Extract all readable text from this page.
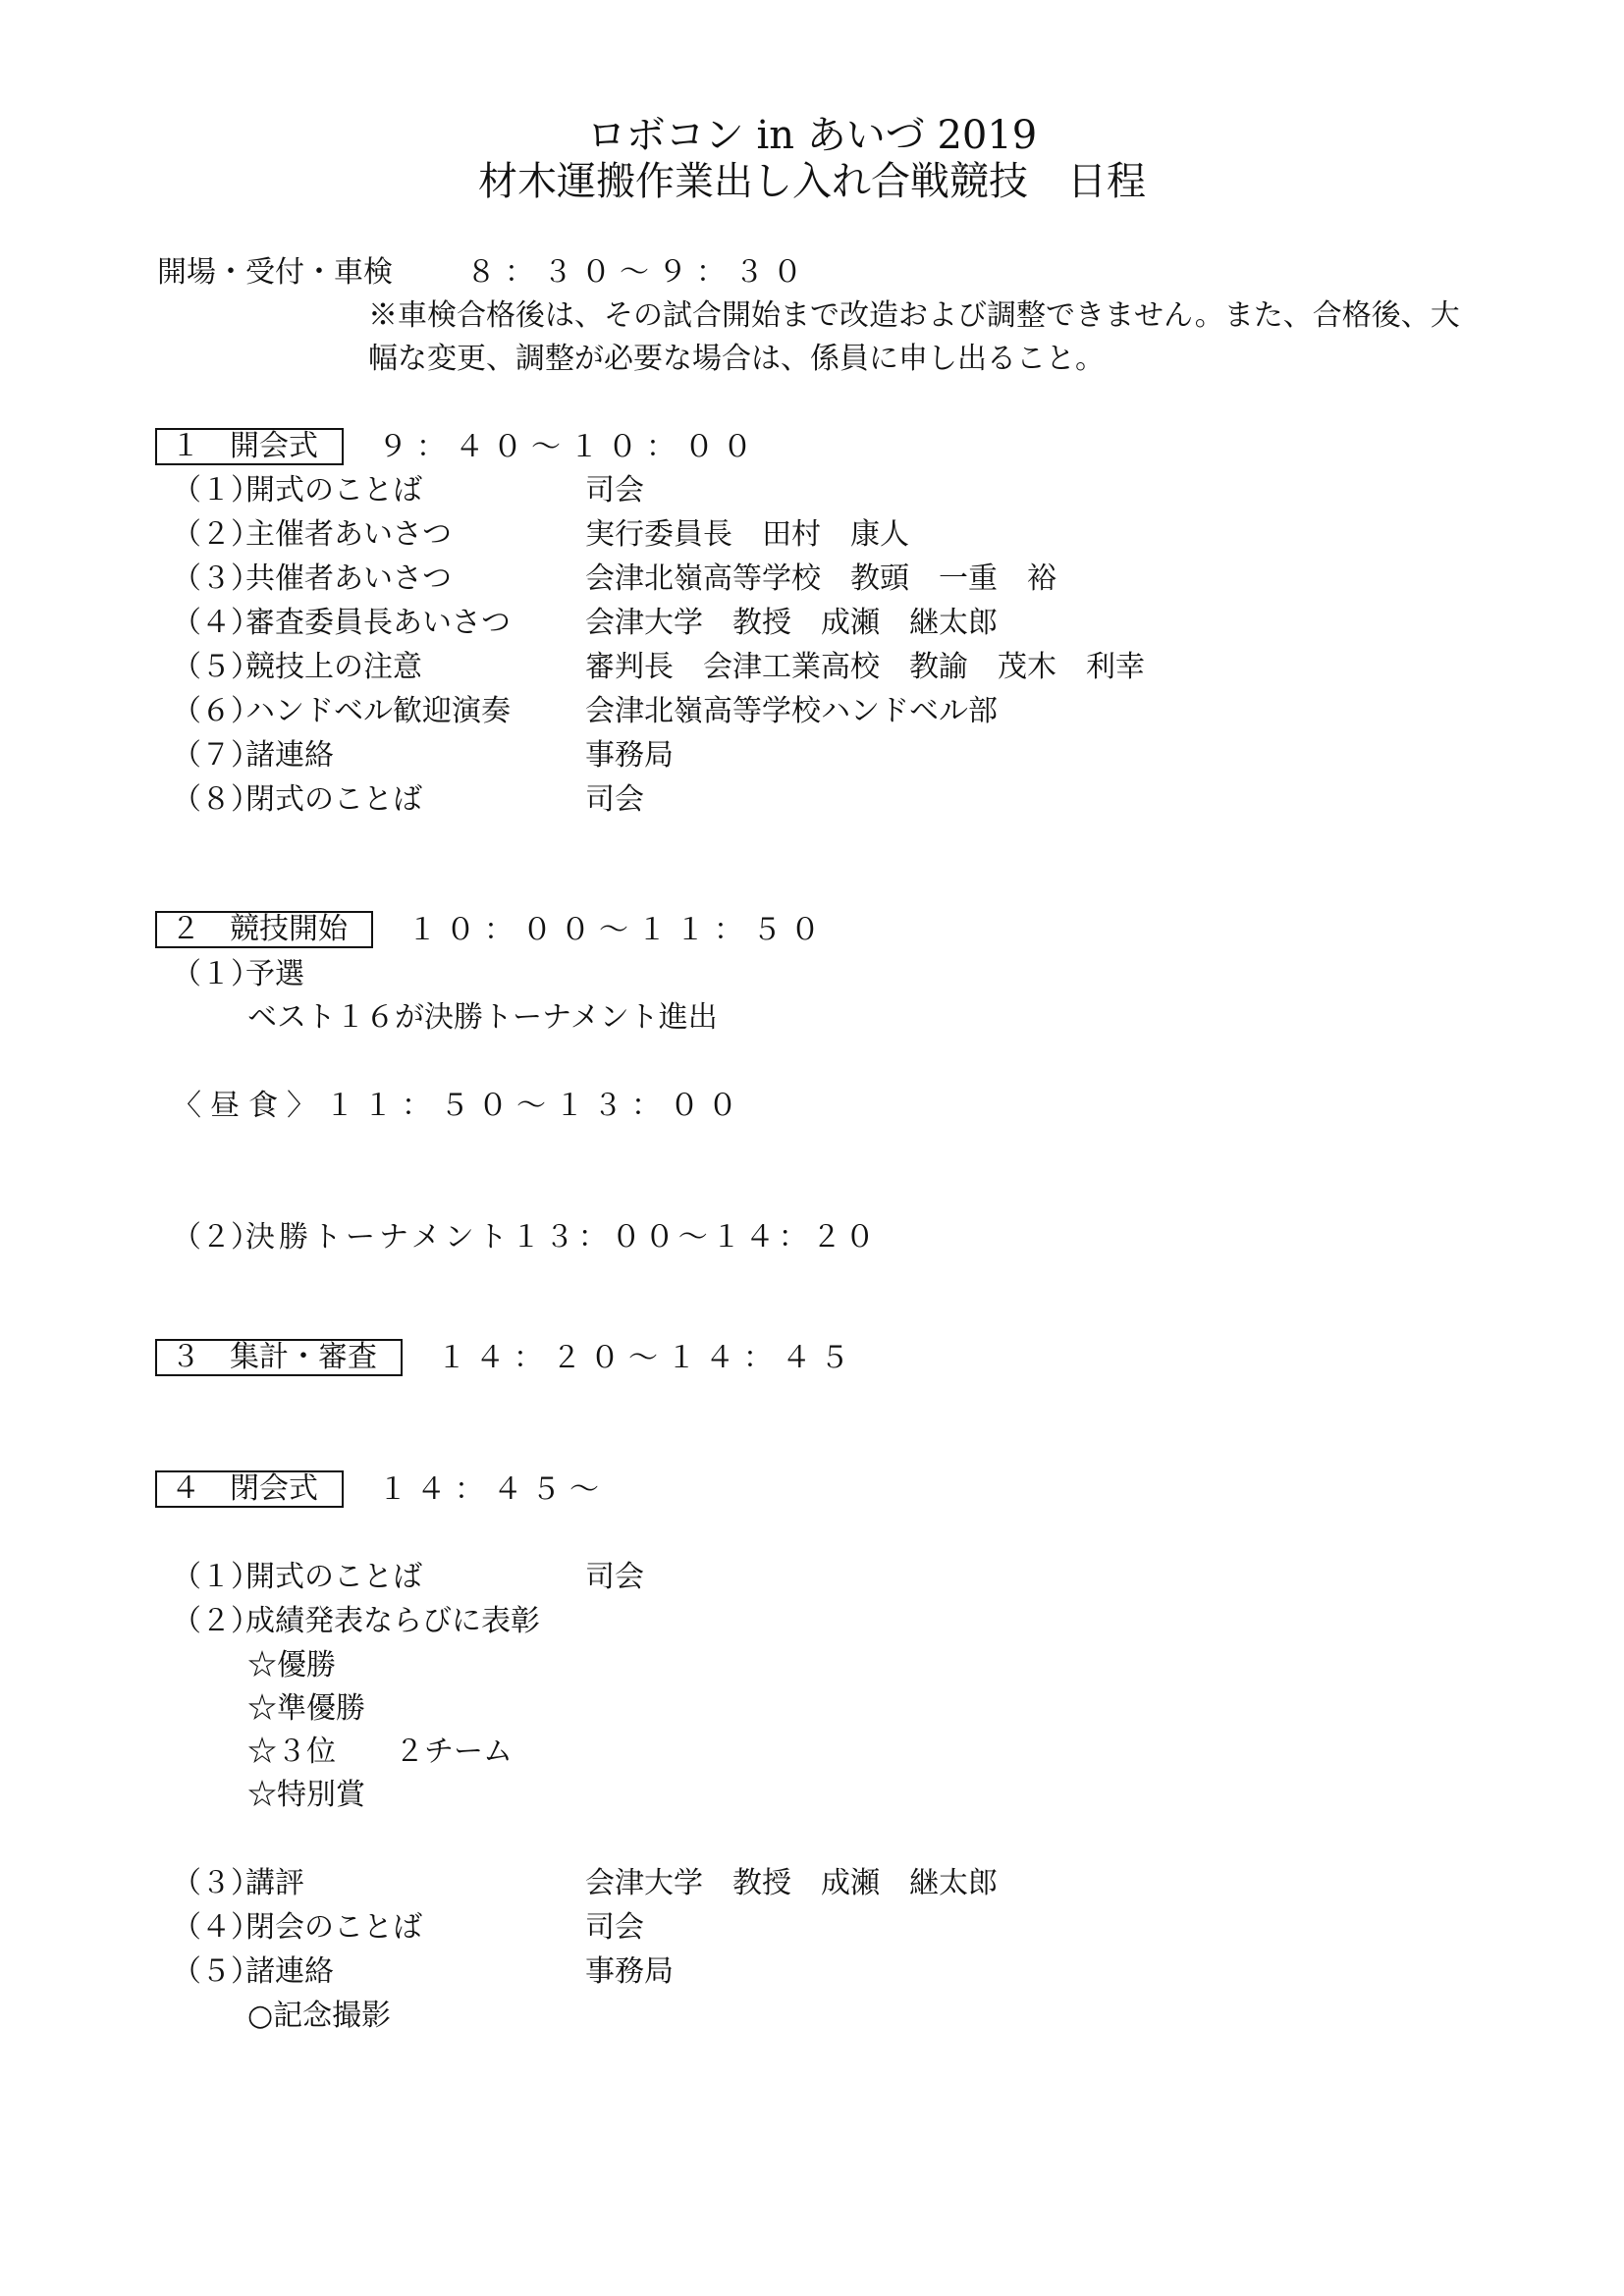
ロボコン in あいづ 2019
材木運搬作業出し入れ合戦競技　日程
開場・受付・車検	８：３０～９：３０
※車検合格後は、その試合開始まで改造および調整できません。また、合格後、大
幅な変更、調整が必要な場合は、係員に申し出ること。
１　開会式 ９：４０～１０：００
（１）
開式のことば	司会
（２）
主催者あいさつ	実行委員長　田村　康人
（３）
共催者あいさつ	会津北嶺高等学校　教頭　一重　裕
（４）
審査委員長あいさつ	会津大学　教授　成瀬　継太郎
（５）
競技上の注意	審判長　会津工業高校　教諭　茂木　利幸
（６）
ハンドベル歓迎演奏	会津北嶺高等学校ハンドベル部
（７）
諸連絡	事務局
（８）
閉式のことば	司会
２　競技開始 １０：００～１１：５０
（１）
予選
ベスト１６が決勝トーナメント進出
〈昼食〉１１：５０～１３：００
（２）
決勝トーナメント１３：００～１４：２０
３　集計・審査 １４：２０～１４：４５
４　閉会式 １４：４５～
（１）
開式のことば	司会
（２）
成績発表ならびに表彰
☆優勝
☆準優勝
☆３位　　２チーム
☆特別賞
（３）
講評	会津大学　教授　成瀬　継太郎
（４）
閉会のことば	司会
（５）
諸連絡	事務局
○記念撮影
